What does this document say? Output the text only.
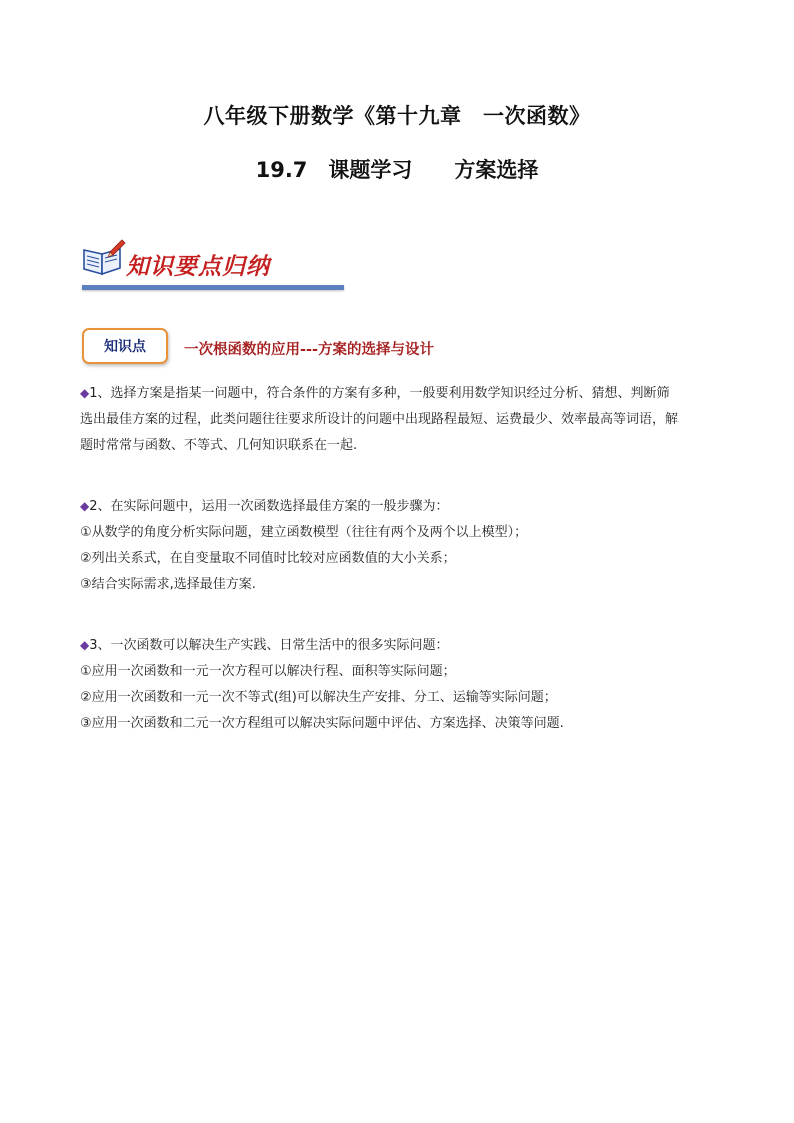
八年级下册数学《第十九章　一次函数》
19.7　课题学习　　方案选择
知识要点归纳
知识点	一次根函数的应用---方案的选择与设计
◆1、选择方案是指某一问题中，符合条件的方案有多种，一般要利用数学知识经过分析、猜想、判断筛
选出最佳方案的过程，此类问题往往要求所设计的问题中出现路程最短、运费最少、效率最高等词语，解
题时常常与函数、不等式、几何知识联系在一起.
◆2、在实际问题中，运用一次函数选择最佳方案的一般步骤为：
①从数学的角度分析实际问题，建立函数模型（往往有两个及两个以上模型）；
②列出关系式，在自变量取不同值时比较对应函数值的大小关系；
③结合实际需求,选择最佳方案.
◆3、一次函数可以解决生产实践、日常生活中的很多实际问题：
①应用一次函数和一元一次方程可以解决行程、面积等实际问题；
②应用一次函数和一元一次不等式(组)可以解决生产安排、分工、运输等实际问题；
③应用一次函数和二元一次方程组可以解决实际问题中评估、方案选择、决策等问题.
